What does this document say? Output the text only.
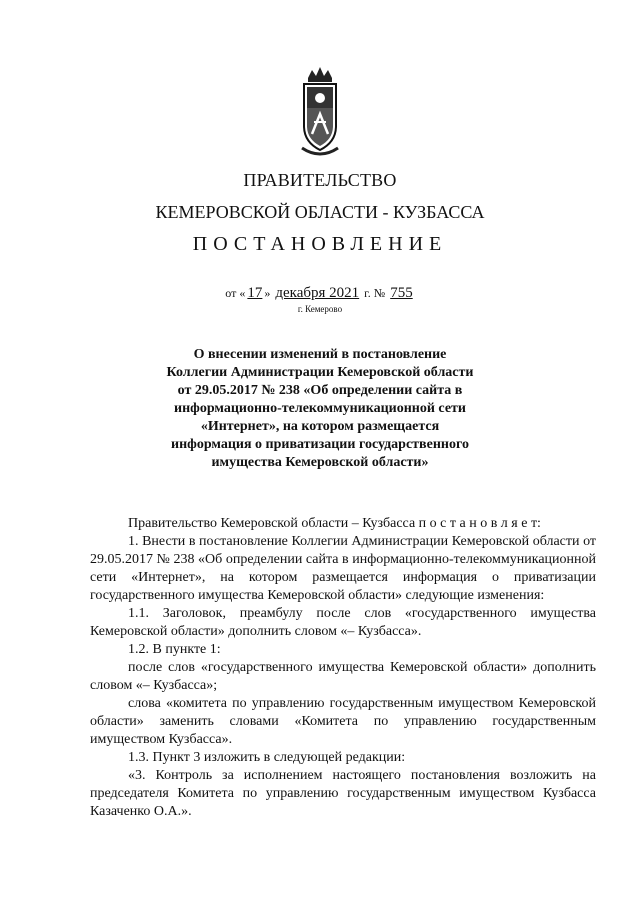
ПРАВИТЕЛЬСТВО
КЕМЕРОВСКОЙ ОБЛАСТИ - КУЗБАССА
ПОСТАНОВЛЕНИЕ
от « 17 » декабря 2021 г. № 755
г. Кемерово
О внесении изменений в постановление
Коллегии Администрации Кемеровской области
от 29.05.2017 № 238 «Об определении сайта в
информационно-телекоммуникационной сети
«Интернет», на котором размещается
информация о приватизации государственного
имущества Кемеровской области»

Правительство Кемеровской области – Кузбасса п о с т а н о в л я е т:

1. Внести в постановление Коллегии Администрации Кемеровской области от 29.05.2017 № 238 «Об определении сайта в информационно-телекоммуникационной сети «Интернет», на котором размещается информация о приватизации государственного имущества Кемеровской области» следующие изменения:

1.1. Заголовок, преамбулу после слов «государственного имущества Кемеровской области» дополнить словом «– Кузбасса».

1.2. В пункте 1:

после слов «государственного имущества Кемеровской области» дополнить словом «– Кузбасса»;

слова «комитета по управлению государственным имуществом Кемеровской области» заменить словами «Комитета по управлению государственным имуществом Кузбасса».

1.3. Пункт 3 изложить в следующей редакции:

«3. Контроль за исполнением настоящего постановления возложить на председателя Комитета по управлению государственным имуществом Кузбасса Казаченко О.А.».
